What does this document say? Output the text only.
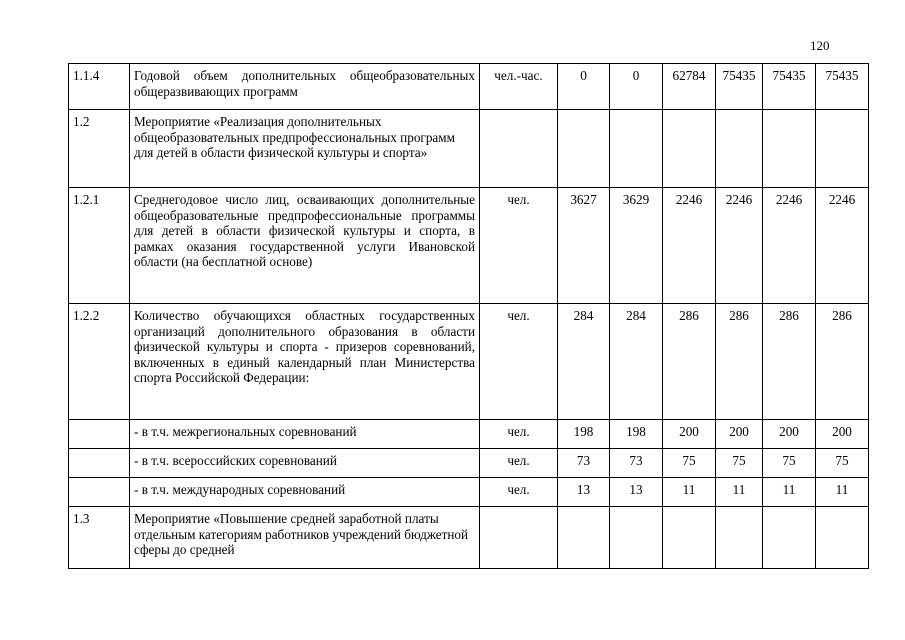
120
1.1.4	Годовой объем дополнительных общеобразовательных общеразвивающих программ	чел.-час.	0	0	62784	75435	75435	75435
1.2	Мероприятие «Реализация дополнительных общеобразовательных предпрофессиональных программ для детей в области физической культуры и спорта»							
1.2.1	Среднегодовое число лиц, осваивающих дополнительные общеобразовательные предпрофессиональные программы для детей в области физической культуры и спорта, в рамках оказания государственной услуги Ивановской области (на бесплатной основе)	чел.	3627	3629	2246	2246	2246	2246
1.2.2	Количество обучающихся областных государственных организаций дополнительного образования в области физической культуры и спорта - призеров соревнований, включенных в единый календарный план Министерства спорта Российской Федерации:	чел.	284	284	286	286	286	286
	- в т.ч. межрегиональных соревнований	чел.	198	198	200	200	200	200
	- в т.ч. всероссийских соревнований	чел.	73	73	75	75	75	75
	- в т.ч. международных соревнований	чел.	13	13	11	11	11	11
1.3	Мероприятие «Повышение средней заработной платы отдельным категориям работников учреждений бюджетной сферы до средней							
